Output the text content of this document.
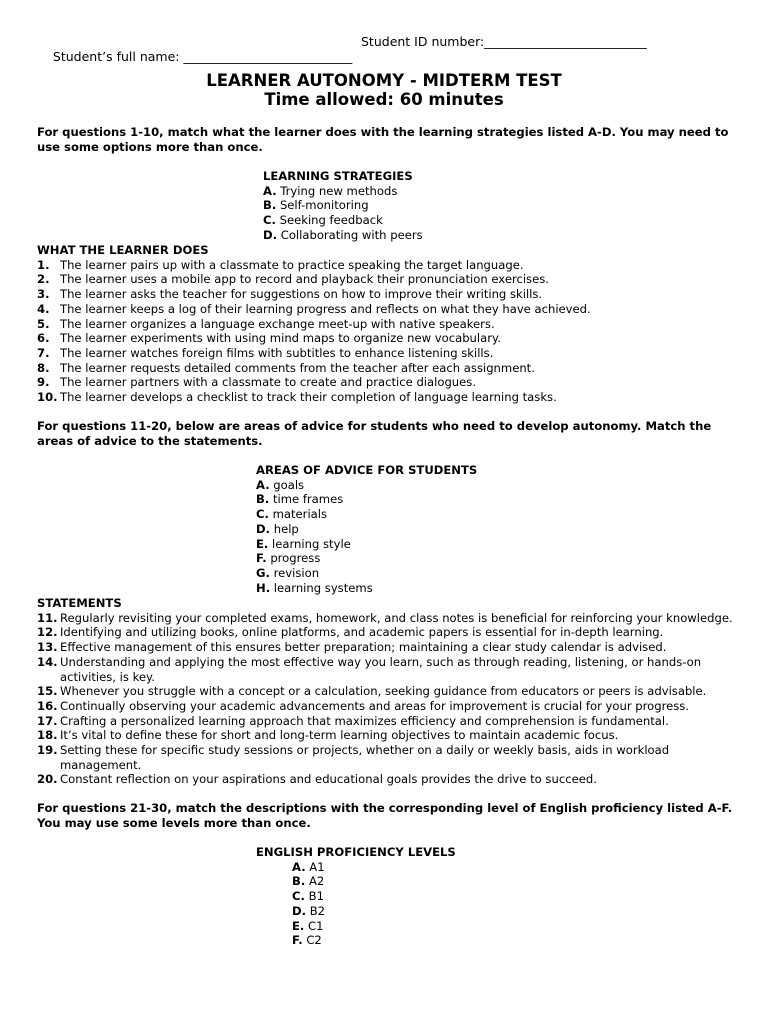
Student’s full name: ___________________________

Student ID number:__________________________

LEARNER AUTONOMY - MIDTERM TEST
Time allowed: 60 minutes
For questions 1-10, match what the learner does with the learning strategies listed A-D. You may need to use some options more than once.
LEARNING STRATEGIES
A. Trying new methods
B. Self-monitoring
C. Seeking feedback
D. Collaborating with peers
WHAT THE LEARNER DOES
1. The learner pairs up with a classmate to practice speaking the target language.
2. The learner uses a mobile app to record and playback their pronunciation exercises.
3. The learner asks the teacher for suggestions on how to improve their writing skills.
4. The learner keeps a log of their learning progress and reflects on what they have achieved.
5. The learner organizes a language exchange meet-up with native speakers.
6. The learner experiments with using mind maps to organize new vocabulary.
7. The learner watches foreign films with subtitles to enhance listening skills.
8. The learner requests detailed comments from the teacher after each assignment.
9. The learner partners with a classmate to create and practice dialogues.
10. The learner develops a checklist to track their completion of language learning tasks.
For questions 11-20, below are areas of advice for students who need to develop autonomy. Match the areas of advice to the statements.
AREAS OF ADVICE FOR STUDENTS
A. goals
B. time frames
C. materials
D. help
E. learning style
F. progress
G. revision
H. learning systems
STATEMENTS
11. Regularly revisiting your completed exams, homework, and class notes is beneficial for reinforcing your knowledge.
12. Identifying and utilizing books, online platforms, and academic papers is essential for in-depth learning.
13. Effective management of this ensures better preparation; maintaining a clear study calendar is advised.
14. Understanding and applying the most effective way you learn, such as through reading, listening, or hands-on activities, is key.
15. Whenever you struggle with a concept or a calculation, seeking guidance from educators or peers is advisable.
16. Continually observing your academic advancements and areas for improvement is crucial for your progress.
17. Crafting a personalized learning approach that maximizes efficiency and comprehension is fundamental.
18. It’s vital to define these for short and long-term learning objectives to maintain academic focus.
19. Setting these for specific study sessions or projects, whether on a daily or weekly basis, aids in workload management.
20. Constant reflection on your aspirations and educational goals provides the drive to succeed.
For questions 21-30, match the descriptions with the corresponding level of English proficiency listed A-F. You may use some levels more than once.
ENGLISH PROFICIENCY LEVELS
A. A1
B. A2
C. B1
D. B2
E. C1
F. C2
